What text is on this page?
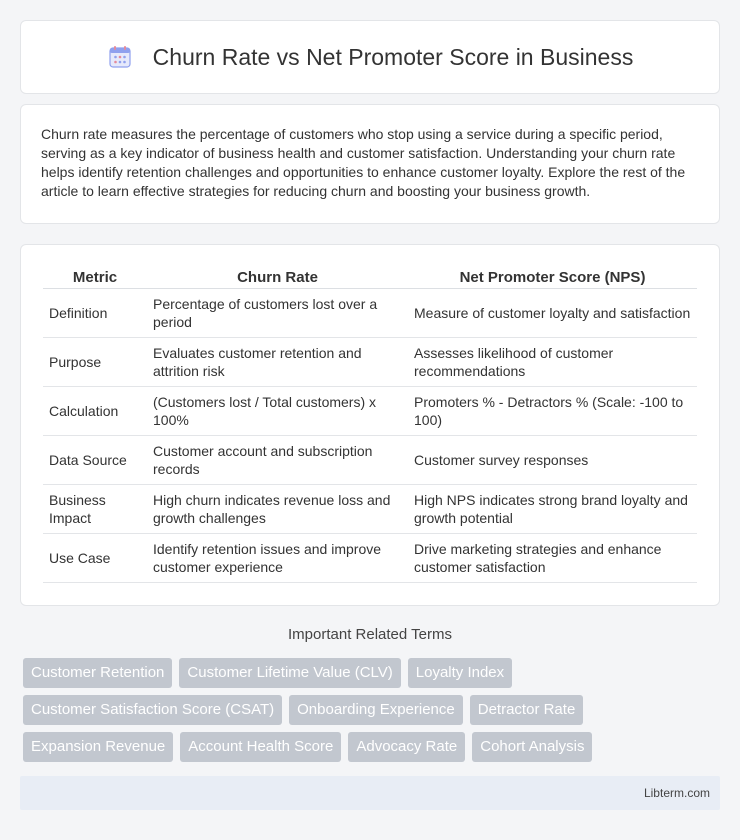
Churn Rate vs Net Promoter Score in Business

Churn rate measures the percentage of customers who stop using a service during a specific period, serving as a key indicator of business health and customer satisfaction. Understanding your churn rate helps identify retention challenges and opportunities to enhance customer loyalty. Explore the rest of the article to learn effective strategies for reducing churn and boosting your business growth.

Metric	Churn Rate	Net Promoter Score (NPS)
Definition	Percentage of customers lost over a period	Measure of customer loyalty and satisfaction
Purpose	Evaluates customer retention and attrition risk	Assesses likelihood of customer recommendations
Calculation	(Customers lost / Total customers) x 100%	Promoters % - Detractors % (Scale: -100 to 100)
Data Source	Customer account and subscription records	Customer survey responses
Business Impact	High churn indicates revenue loss and growth challenges	High NPS indicates strong brand loyalty and growth potential
Use Case	Identify retention issues and improve customer experience	Drive marketing strategies and enhance customer satisfaction
Important Related Terms
Customer Retention	Customer Lifetime Value (CLV)	Loyalty Index
Customer Satisfaction Score (CSAT)	Onboarding Experience	Detractor Rate
Expansion Revenue	Account Health Score	Advocacy Rate	Cohort Analysis
Libterm.com
